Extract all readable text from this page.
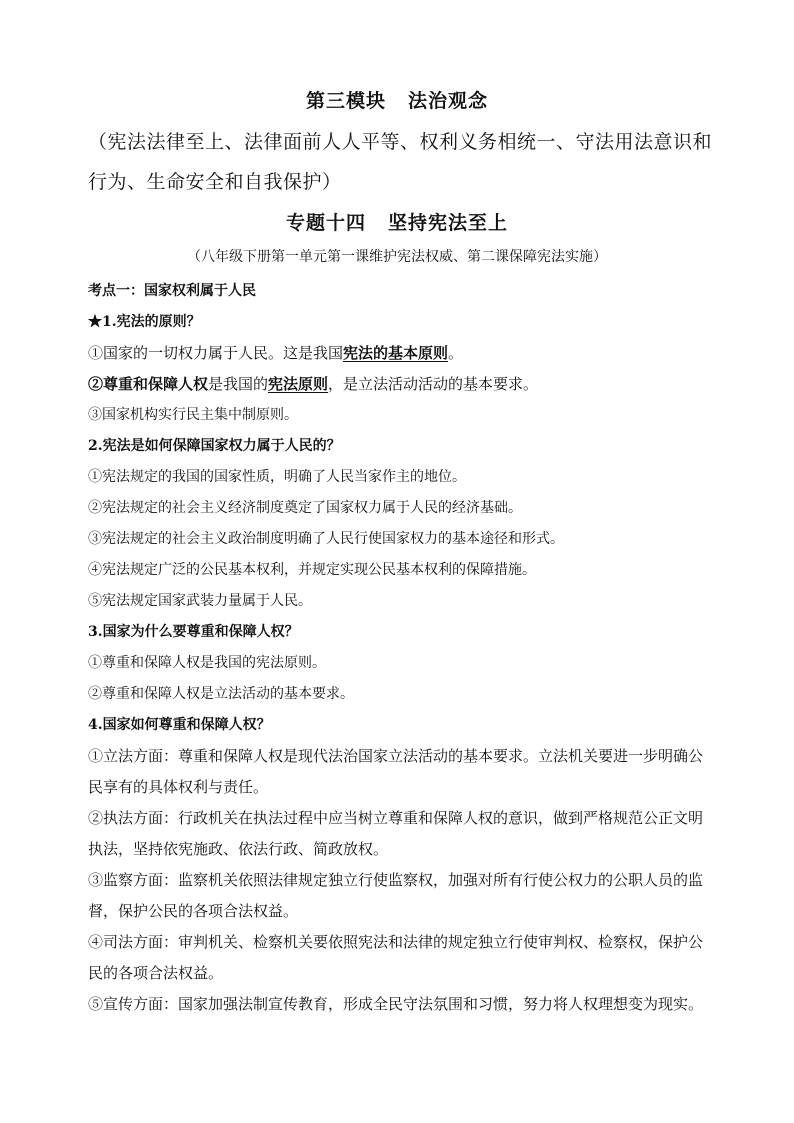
第三模块 法治观念
（宪法法律至上、法律面前人人平等、权利义务相统一、守法用法意识和行为、生命安全和自我保护）
专题十四 坚持宪法至上
（八年级下册第一单元第一课维护宪法权威、第二课保障宪法实施）
考点一：国家权利属于人民
★1.宪法的原则？
①国家的一切权力属于人民。这是我国宪法的基本原则。
②尊重和保障人权是我国的宪法原则，是立法活动活动的基本要求。
③国家机构实行民主集中制原则。
2.宪法是如何保障国家权力属于人民的？
①宪法规定的我国的国家性质，明确了人民当家作主的地位。
②宪法规定的社会主义经济制度奠定了国家权力属于人民的经济基础。
③宪法规定的社会主义政治制度明确了人民行使国家权力的基本途径和形式。
④宪法规定广泛的公民基本权利，并规定实现公民基本权利的保障措施。
⑤宪法规定国家武装力量属于人民。
3.国家为什么要尊重和保障人权？
①尊重和保障人权是我国的宪法原则。
②尊重和保障人权是立法活动的基本要求。
4.国家如何尊重和保障人权？
①立法方面：尊重和保障人权是现代法治国家立法活动的基本要求。立法机关要进一步明确公民享有的具体权利与责任。
②执法方面：行政机关在执法过程中应当树立尊重和保障人权的意识，做到严格规范公正文明执法，坚持依宪施政、依法行政、简政放权。
③监察方面：监察机关依照法律规定独立行使监察权，加强对所有行使公权力的公职人员的监督，保护公民的各项合法权益。
④司法方面：审判机关、检察机关要依照宪法和法律的规定独立行使审判权、检察权，保护公民的各项合法权益。
⑤宣传方面：国家加强法制宣传教育，形成全民守法氛围和习惯，努力将人权理想变为现实。
